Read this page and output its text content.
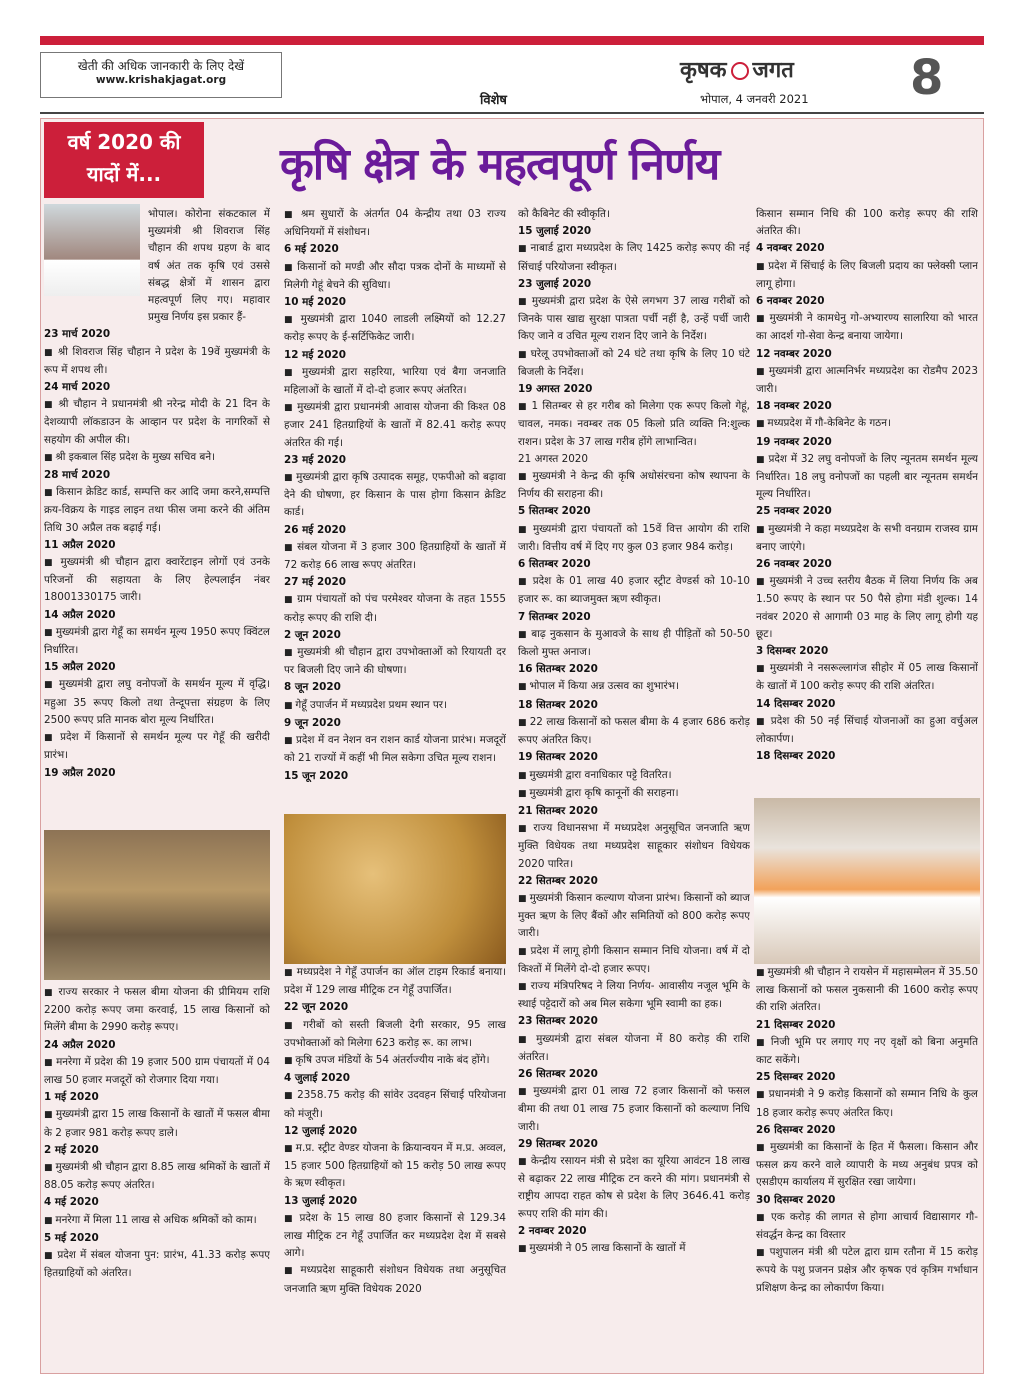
खेती की अधिक जानकारी के लिए देखें
www.krishakjagat.org
विशेष
कृषक जगत
भोपाल, 4 जनवरी 2021 8
वर्ष 2020 की
यादों में...	कृषि क्षेत्र के महत्वपूर्ण निर्णय

भोपाल। कोरोना संकटकाल में मुख्यमंत्री श्री शिवराज सिंह चौहान की शपथ ग्रहण के बाद वर्ष अंत तक कृषि एवं उससे संबद्ध क्षेत्रों में शासन द्वारा महत्वपूर्ण लिए गए। महावार प्रमुख निर्णय इस प्रकार हैं-

23 मार्च 2020

■ श्री शिवराज सिंह चौहान ने प्रदेश के 19वें मुख्यमंत्री के रूप में शपथ ली।

24 मार्च 2020

■ श्री चौहान ने प्रधानमंत्री श्री नरेन्द्र मोदी के 21 दिन के देशव्यापी लॉकडाउन के आव्हान पर प्रदेश के नागरिकों से सहयोग की अपील की।

■ श्री इकबाल सिंह प्रदेश के मुख्य सचिव बने।

28 मार्च 2020

■ किसान क्रेडिट कार्ड, सम्पत्ति कर आदि जमा करने,सम्पत्ति क्रय-विक्रय के गाइड लाइन तथा फीस जमा करने की अंतिम तिथि 30 अप्रैल तक बढ़ाई गई।

11 अप्रैल 2020

■ मुख्यमंत्री श्री चौहान द्वारा क्वारेंटाइन लोगों एवं उनके परिजनों की सहायता के लिए हेल्पलाईन नंबर 18001330175 जारी।

14 अप्रैल 2020

■ मुख्यमंत्री द्वारा गेहूँ का समर्थन मूल्य 1950 रूपए क्विंटल निर्धारित।

15 अप्रैल 2020

■ मुख्यमंत्री द्वारा लघु वनोपजों के समर्थन मूल्य में वृद्धि। महुआ 35 रूपए किलो तथा तेन्दूपत्ता संग्रहण के लिए 2500 रूपए प्रति मानक बोरा मूल्य निर्धारित।

■ प्रदेश में किसानों से समर्थन मूल्य पर गेहूँ की खरीदी प्रारंभ।

19 अप्रैल 2020

■ राज्य सरकार ने फसल बीमा योजना की प्रीमियम राशि 2200 करोड़ रूपए जमा करवाई, 15 लाख किसानों को मिलेंगे बीमा के 2990 करोड़ रूपए।

24 अप्रैल 2020

■ मनरेगा में प्रदेश की 19 हजार 500 ग्राम पंचायतों में 04 लाख 50 हजार मजदूरों को रोजगार दिया गया।

1 मई 2020

■ मुख्यमंत्री द्वारा 15 लाख किसानों के खातों में फसल बीमा के 2 हजार 981 करोड़ रूपए डाले।

2 मई 2020

■ मुख्यमंत्री श्री चौहान द्वारा 8.85 लाख श्रमिकों के खातों में 88.05 करोड़ रूपए अंतरित।

4 मई 2020

■ मनरेगा में मिला 11 लाख से अधिक श्रमिकों को काम।

5 मई 2020

■ प्रदेश में संबल योजना पुन: प्रारंभ, 41.33 करोड़ रूपए हितग्राहियों को अंतरित।

■ श्रम सुधारों के अंतर्गत 04 केन्द्रीय तथा 03 राज्य अधिनियमों में संशोधन।

6 मई 2020

■ किसानों को मण्डी और सौदा पत्रक दोनों के माध्यमों से मिलेगी गेहूं बेचने की सुविधा।

10 मई 2020

■ मुख्यमंत्री द्वारा 1040 लाडली लक्ष्मियों को 12.27 करोड़ रूपए के ई-सर्टिफिकेट जारी।

12 मई 2020

■ मुख्यमंत्री द्वारा सहरिया, भारिया एवं बैगा जनजाति महिलाओं के खातों में दो-दो हजार रूपए अंतरित।

■ मुख्यमंत्री द्वारा प्रधानमंत्री आवास योजना की किश्त 08 हजार 241 हितग्राहियों के खातों में 82.41 करोड़ रूपए अंतरित की गई।

23 मई 2020

■ मुख्यमंत्री द्वारा कृषि उत्पादक समूह, एफपीओ को बढ़ावा देने की घोषणा, हर किसान के पास होगा किसान क्रेडिट कार्ड।

26 मई 2020

■ संबल योजना में 3 हजार 300 हितग्राहियों के खातों में 72 करोड़ 66 लाख रूपए अंतरित।

27 मई 2020

■ ग्राम पंचायतों को पंच परमेश्वर योजना के तहत 1555 करोड़ रूपए की राशि दी।

2 जून 2020

■ मुख्यमंत्री श्री चौहान द्वारा उपभोक्ताओं को रियायती दर पर बिजली दिए जाने की घोषणा।

8 जून 2020

■ गेहूँ उपार्जन में मध्यप्रदेश प्रथम स्थान पर।

9 जून 2020

■ प्रदेश में वन नेशन वन राशन कार्ड योजना प्रारंभ। मजदूरों को 21 राज्यों में कहीं भी मिल सकेगा उचित मूल्य राशन।

15 जून 2020

■ मध्यप्रदेश ने गेहूँ उपार्जन का ऑल टाइम रिकार्ड बनाया। प्रदेश में 129 लाख मीट्रिक टन गेहूँ उपार्जित।

22 जून 2020

■ गरीबों को सस्ती बिजली देगी सरकार, 95 लाख उपभोक्ताओं को मिलेगा 623 करोड़ रू. का लाभ।

■ कृषि उपज मंडियों के 54 अंतर्राज्यीय नाके बंद होंगे।

4 जुलाई 2020

■ 2358.75 करोड़ की सांवेर उदवहन सिंचाई परियोजना को मंजूरी।

12 जुलाई 2020

■ म.प्र. स्ट्रीट वेण्डर योजना के क्रियान्वयन में म.प्र. अव्वल, 15 हजार 500 हितग्राहियों को 15 करोड़ 50 लाख रूपए के ऋण स्वीकृत।

13 जुलाई 2020

■ प्रदेश के 15 लाख 80 हजार किसानों से 129.34 लाख मीट्रिक टन गेहूँ उपार्जित कर मध्यप्रदेश देश में सबसे आगे।

■ मध्यप्रदेश साहूकारी संशोधन विधेयक तथा अनुसूचित जनजाति ऋण मुक्ति विधेयक 2020

को कैबिनेट की स्वीकृति।

15 जुलाई 2020

■ नाबार्ड द्वारा मध्यप्रदेश के लिए 1425 करोड़ रूपए की नई सिंचाई परियोजना स्वीकृत।

23 जुलाई 2020

■ मुख्यमंत्री द्वारा प्रदेश के ऐसे लगभग 37 लाख गरीबों को जिनके पास खाद्य सुरक्षा पात्रता पर्ची नहीं है, उन्हें पर्ची जारी किए जाने व उचित मूल्य राशन दिए जाने के निर्देश।

■ घरेलू उपभोक्ताओं को 24 घंटे तथा कृषि के लिए 10 घंटे बिजली के निर्देश।

19 अगस्त 2020

■ 1 सितम्बर से हर गरीब को मिलेगा एक रूपए किलो गेहूं, चावल, नमक। नवम्बर तक 05 किलो प्रति व्यक्ति नि:शुल्क राशन। प्रदेश के 37 लाख गरीब होंगे लाभान्वित।

21 अगस्त 2020

■ मुख्यमंत्री ने केन्द्र की कृषि अधोसंरचना कोष स्थापना के निर्णय की सराहना की।

5 सितम्बर 2020

■ मुख्यमंत्री द्वारा पंचायतों को 15वें वित्त आयोग की राशि जारी। वित्तीय वर्ष में दिए गए कुल 03 हजार 984 करोड़।

6 सितम्बर 2020

■ प्रदेश के 01 लाख 40 हजार स्ट्रीट वेण्डर्स को 10-10 हजार रू. का ब्याजमुक्त ऋण स्वीकृत।

7 सितम्बर 2020

■ बाढ़ नुकसान के मुआवजे के साथ ही पीड़ितों को 50-50 किलो मुफ्त अनाज।

16 सितम्बर 2020

■ भोपाल में किया अन्न उत्सव का शुभारंभ।

18 सितम्बर 2020

■ 22 लाख किसानों को फसल बीमा के 4 हजार 686 करोड़ रूपए अंतरित किए।

19 सितम्बर 2020

■ मुख्यमंत्री द्वारा वनाधिकार पट्टे वितरित।

■ मुख्यमंत्री द्वारा कृषि कानूनों की सराहना।

21 सितम्बर 2020

■ राज्य विधानसभा में मध्यप्रदेश अनुसूचित जनजाति ऋण मुक्ति विधेयक तथा मध्यप्रदेश साहूकार संशोधन विधेयक 2020 पारित।

22 सितम्बर 2020

■ मुख्यमंत्री किसान कल्याण योजना प्रारंभ। किसानों को ब्याज मुक्त ऋण के लिए बैंकों और समितियों को 800 करोड़ रूपए जारी।

■ प्रदेश में लागू होगी किसान सम्मान निधि योजना। वर्ष में दो किश्तों में मिलेंगे दो-दो हजार रूपए।

■ राज्य मंत्रिपरिषद ने लिया निर्णय- आवासीय नजूल भूमि के स्थाई पट्टेदारों को अब मिल सकेगा भूमि स्वामी का हक।

23 सितम्बर 2020

■ मुख्यमंत्री द्वारा संबल योजना में 80 करोड़ की राशि अंतरित।

26 सितम्बर 2020

■ मुख्यमंत्री द्वारा 01 लाख 72 हजार किसानों को फसल बीमा की तथा 01 लाख 75 हजार किसानों को कल्याण निधि जारी।

29 सितम्बर 2020

■ केन्द्रीय रसायन मंत्री से प्रदेश का यूरिया आवंटन 18 लाख से बढ़ाकर 22 लाख मीट्रिक टन करने की मांग। प्रधानमंत्री से राष्ट्रीय आपदा राहत कोष से प्रदेश के लिए 3646.41 करोड़ रूपए राशि की मांग की।

2 नवम्बर 2020

■ मुख्यमंत्री ने 05 लाख किसानों के खातों में

किसान सम्मान निधि की 100 करोड़ रूपए की राशि अंतरित की।

4 नवम्बर 2020

■ प्रदेश में सिंचाई के लिए बिजली प्रदाय का फ्लेक्सी प्लान लागू होगा।

6 नवम्बर 2020

■ मुख्यमंत्री ने कामधेनु गो-अभ्यारण्य सालारिया को भारत का आदर्श गो-सेवा केन्द्र बनाया जायेगा।

12 नवम्बर 2020

■ मुख्यमंत्री द्वारा आत्मनिर्भर मध्यप्रदेश का रोडमैप 2023 जारी।

18 नवम्बर 2020

■ मध्यप्रदेश में गौ-केबिनेट के गठन।

19 नवम्बर 2020

■ प्रदेश में 32 लघु वनोपजों के लिए न्यूनतम समर्थन मूल्य निर्धारित। 18 लघु वनोपजों का पहली बार न्यूनतम समर्थन मूल्य निर्धारित।

25 नवम्बर 2020

■ मुख्यमंत्री ने कहा मध्यप्रदेश के सभी वनग्राम राजस्व ग्राम बनाए जाएंगे।

26 नवम्बर 2020

■ मुख्यमंत्री ने उच्च स्तरीय बैठक में लिया निर्णय कि अब 1.50 रूपए के स्थान पर 50 पैसे होगा मंडी शुल्क। 14 नवंबर 2020 से आगामी 03 माह के लिए लागू होगी यह छूट।

3 दिसम्बर 2020

■ मुख्यमंत्री ने नसरूल्लागंज सीहोर में 05 लाख किसानों के खातों में 100 करोड़ रूपए की राशि अंतरित।

14 दिसम्बर 2020

■ प्रदेश की 50 नई सिंचाई योजनाओं का हुआ वर्चुअल लोकार्पण।

18 दिसम्बर 2020

■ मुख्यमंत्री श्री चौहान ने रायसेन में महासम्मेलन में 35.50 लाख किसानों को फसल नुकसानी की 1600 करोड़ रूपए की राशि अंतरित।

21 दिसम्बर 2020

■ निजी भूमि पर लगाए गए नए वृक्षों को बिना अनुमति काट सकेंगे।

25 दिसम्बर 2020

■ प्रधानमंत्री ने 9 करोड़ किसानों को सम्मान निधि के कुल 18 हजार करोड़ रूपए अंतरित किए।

26 दिसम्बर 2020

■ मुख्यमंत्री का किसानों के हित में फैसला। किसान और फसल क्रय करने वाले व्यापारी के मध्य अनुबंध प्रपत्र को एसडीएम कार्यालय में सुरक्षित रखा जायेगा।

30 दिसम्बर 2020

■ एक करोड़ की लागत से होगा आचार्य विद्यासागर गौ-संवर्द्धन केन्द्र का विस्तार

■ पशुपालन मंत्री श्री पटेल द्वारा ग्राम रतौना में 15 करोड़ रूपये के पशु प्रजनन प्रक्षेत्र और कृषक एवं कृत्रिम गर्भाधान प्रशिक्षण केन्द्र का लोकार्पण किया।
